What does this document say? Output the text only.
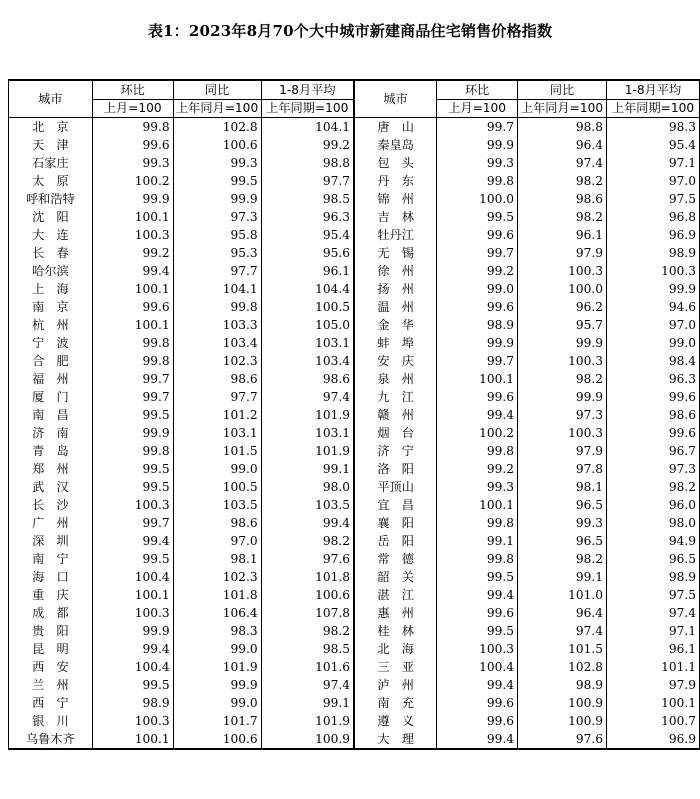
表1：2023年8月70个大中城市新建商品住宅销售价格指数
城市	环比	同比	1-8月平均	城市	环比	同比	1-8月平均
	上月=100	上年同月=100	上年同期=100		上月=100	上年同月=100	上年同期=100
北　京	99.8	102.8	104.1	唐　山	99.7	98.8	98.3
天　津	99.6	100.6	99.2	秦皇岛	99.9	96.4	95.4
石家庄	99.3	99.3	98.8	包　头	99.3	97.4	97.1
太　原	100.2	99.5	97.7	丹　东	99.8	98.2	97.0
呼和浩特	99.9	99.9	98.5	锦　州	100.0	98.6	97.5
沈　阳	100.1	97.3	96.3	吉　林	99.5	98.2	96.8
大　连	100.3	95.8	95.4	牡丹江	99.6	96.1	96.9
长　春	99.2	95.3	95.6	无　锡	99.7	97.9	98.9
哈尔滨	99.4	97.7	96.1	徐　州	99.2	100.3	100.3
上　海	100.1	104.1	104.4	扬　州	99.0	100.0	99.9
南　京	99.6	99.8	100.5	温　州	99.6	96.2	94.6
杭　州	100.1	103.3	105.0	金　华	98.9	95.7	97.0
宁　波	99.8	103.4	103.1	蚌　埠	99.9	99.9	99.0
合　肥	99.8	102.3	103.4	安　庆	99.7	100.3	98.4
福　州	99.7	98.6	98.6	泉　州	100.1	98.2	96.3
厦　门	99.7	97.7	97.4	九　江	99.6	99.9	99.6
南　昌	99.5	101.2	101.9	赣　州	99.4	97.3	98.6
济　南	99.9	103.1	103.1	烟　台	100.2	100.3	99.6
青　岛	99.8	101.5	101.9	济　宁	99.8	97.9	96.7
郑　州	99.5	99.0	99.1	洛　阳	99.2	97.8	97.3
武　汉	99.5	100.5	98.0	平顶山	99.3	98.1	98.2
长　沙	100.3	103.5	103.5	宜　昌	100.1	96.5	96.0
广　州	99.7	98.6	99.4	襄　阳	99.8	99.3	98.0
深　圳	99.4	97.0	98.2	岳　阳	99.1	96.5	94.9
南　宁	99.5	98.1	97.6	常　德	99.8	98.2	96.5
海　口	100.4	102.3	101.8	韶　关	99.5	99.1	98.9
重　庆	100.1	101.8	100.6	湛　江	99.4	101.0	97.5
成　都	100.3	106.4	107.8	惠　州	99.6	96.4	97.4
贵　阳	99.9	98.3	98.2	桂　林	99.5	97.4	97.1
昆　明	99.4	99.0	98.5	北　海	100.3	101.5	96.1
西　安	100.4	101.9	101.6	三　亚	100.4	102.8	101.1
兰　州	99.5	99.9	97.4	泸　州	99.4	98.9	97.9
西　宁	98.9	99.0	99.1	南　充	99.6	100.9	100.1
银　川	100.3	101.7	101.9	遵　义	99.6	100.9	100.7
乌鲁木齐	100.1	100.6	100.9	大　理	99.4	97.6	96.9
